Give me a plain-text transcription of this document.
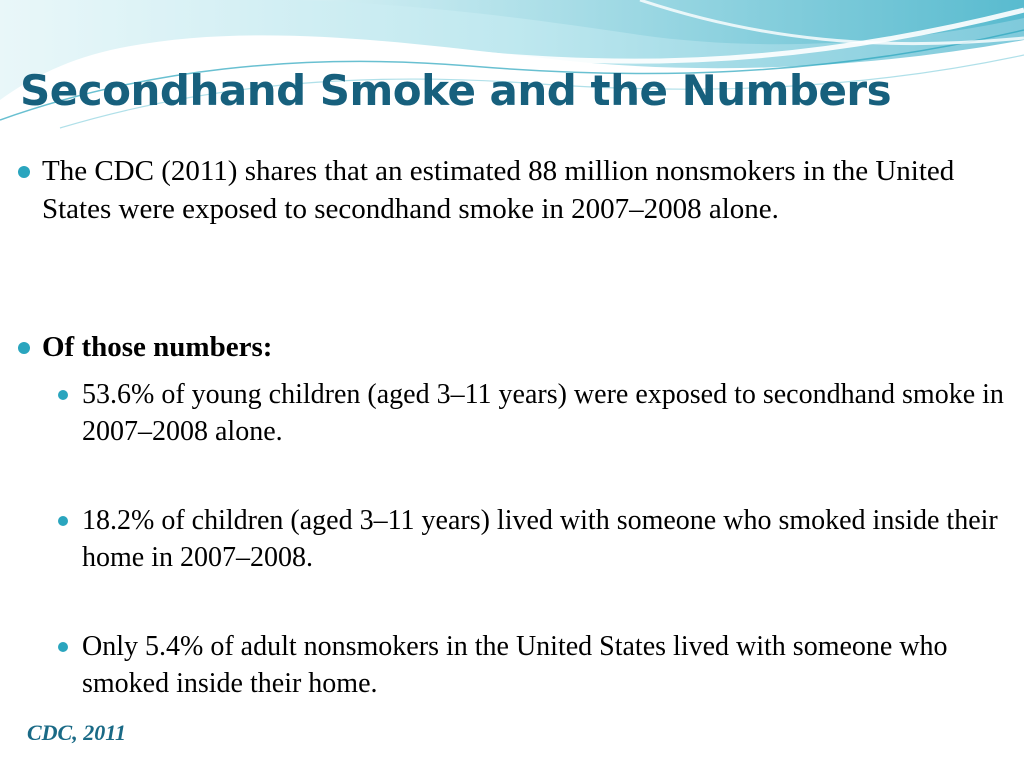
Secondhand Smoke and the Numbers
The CDC (2011) shares that an estimated 88 million nonsmokers in the United States were exposed to secondhand smoke in 2007–2008 alone.
Of those numbers:
53.6% of young children (aged 3–11 years) were exposed to secondhand smoke in 2007–2008 alone.
18.2% of children (aged 3–11 years) lived with someone who smoked inside their home in 2007–2008.
Only 5.4% of adult nonsmokers in the United States lived with someone who smoked inside their home.
CDC, 2011
